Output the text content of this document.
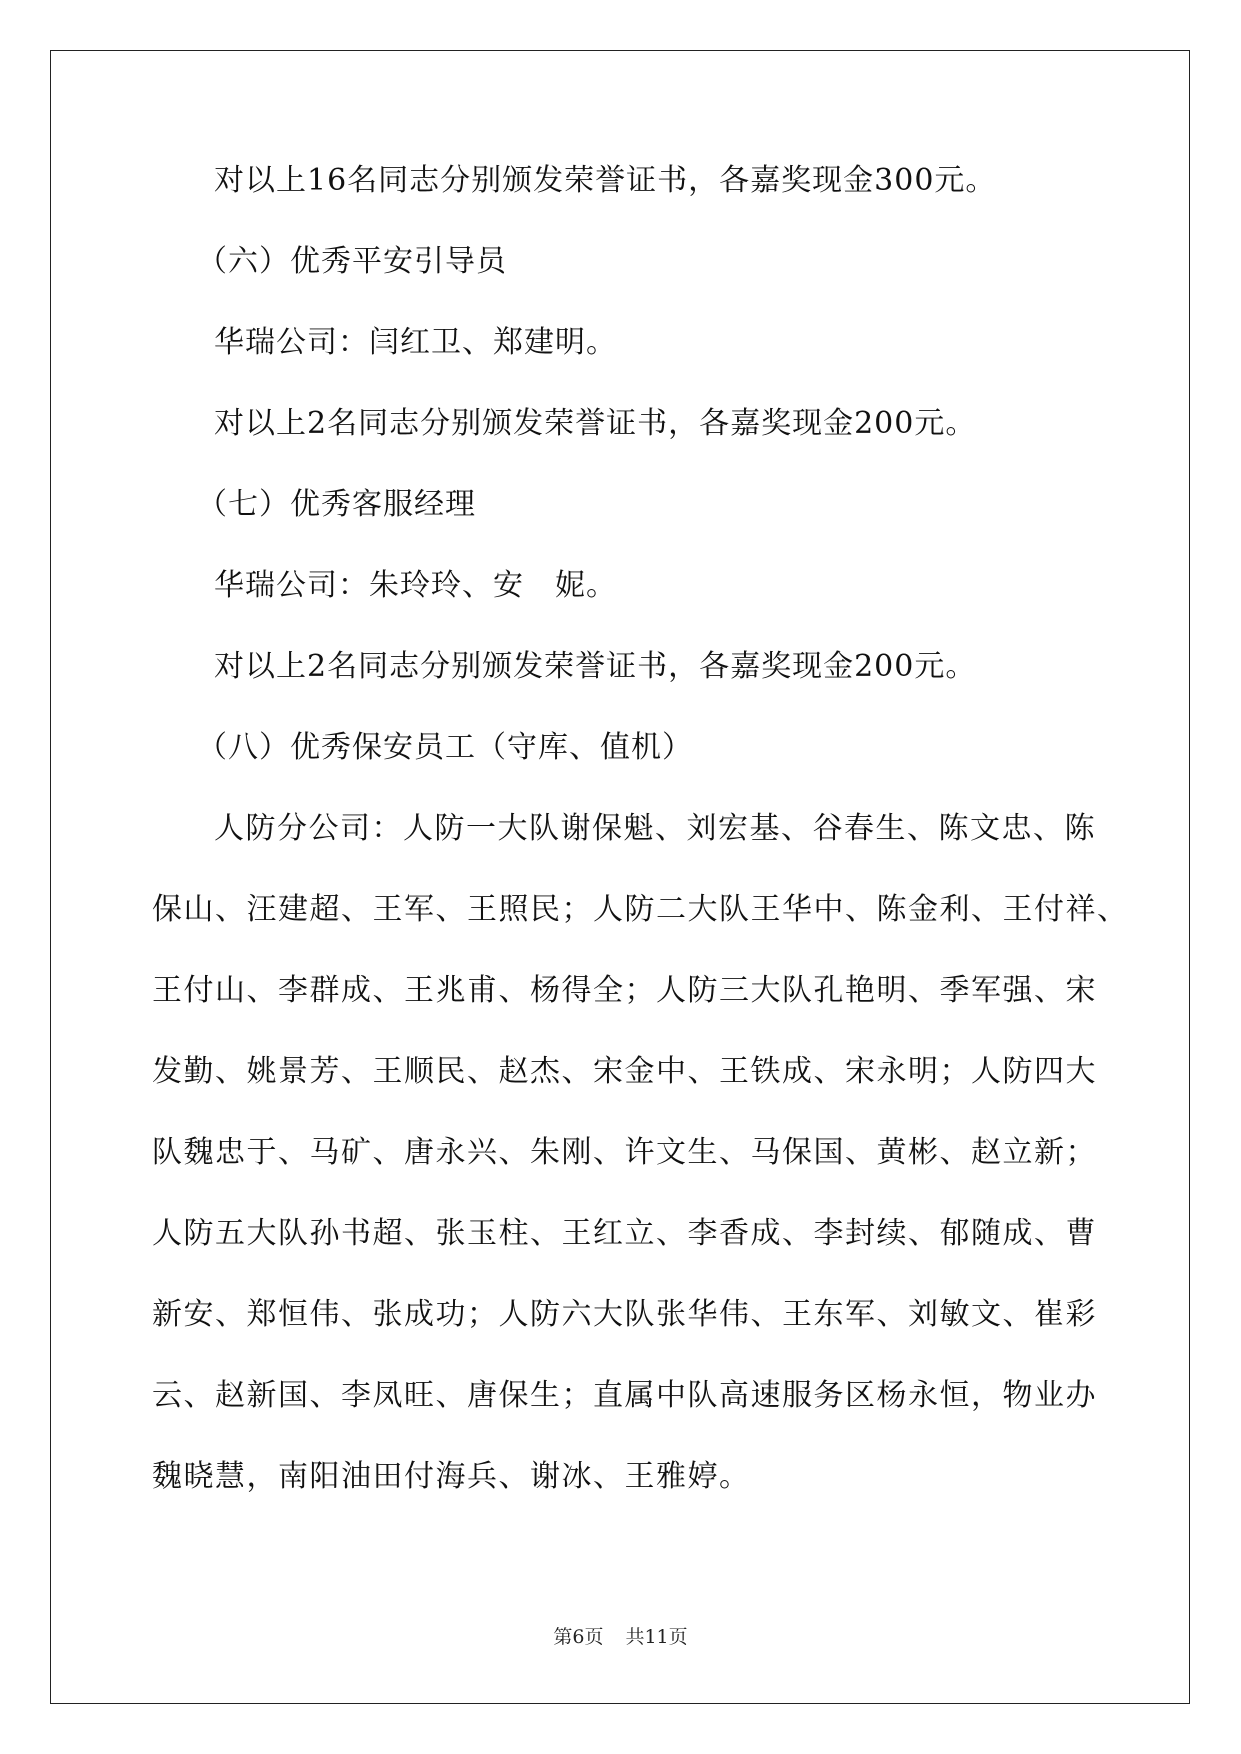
对以上16名同志分别颁发荣誉证书，各嘉奖现金300元。

（六）优秀平安引导员

华瑞公司：闫红卫、郑建明。

对以上2名同志分别颁发荣誉证书，各嘉奖现金200元。

（七）优秀客服经理

华瑞公司：朱玲玲、安　妮。

对以上2名同志分别颁发荣誉证书，各嘉奖现金200元。

（八）优秀保安员工（守库、值机）

人防分公司：人防一大队谢保魁、刘宏基、谷春生、陈文忠、陈

保山、汪建超、王军、王照民；人防二大队王华中、陈金利、王付祥、

王付山、李群成、王兆甫、杨得全；人防三大队孔艳明、季军强、宋

发勤、姚景芳、王顺民、赵杰、宋金中、王铁成、宋永明；人防四大

队魏忠于、马矿、唐永兴、朱刚、许文生、马保国、黄彬、赵立新；

人防五大队孙书超、张玉柱、王红立、李香成、李封续、郁随成、曹

新安、郑恒伟、张成功；人防六大队张华伟、王东军、刘敏文、崔彩

云、赵新国、李凤旺、唐保生；直属中队高速服务区杨永恒，物业办

魏晓慧，南阳油田付海兵、谢冰、王雅婷。

第6页 共11页
